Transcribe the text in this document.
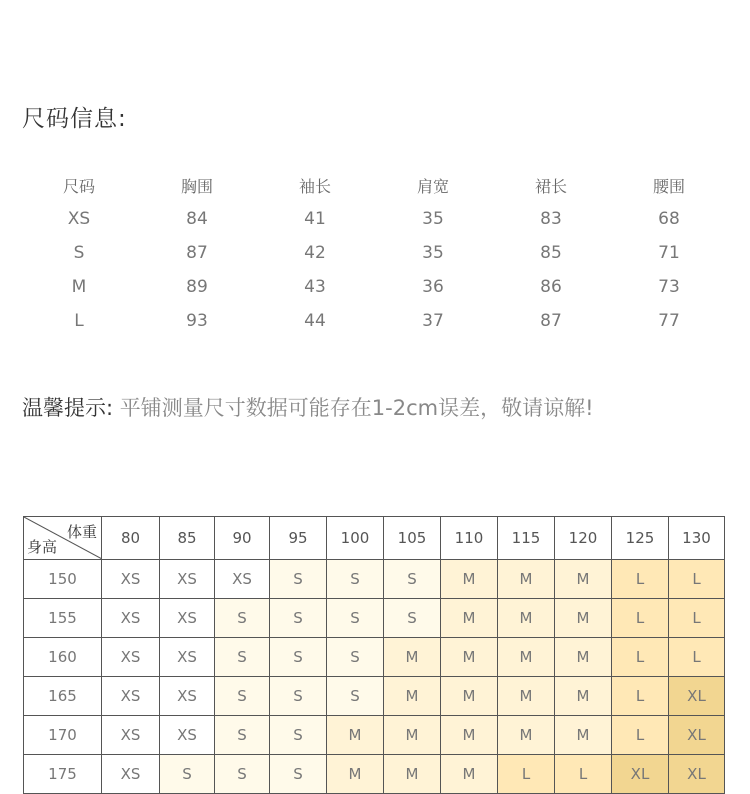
尺码信息:
尺码	胸围	袖长	肩宽	裙长	腰围
XS	84	41	35	83	68
S	87	42	35	85	71
M	89	43	36	86	73
L	93	44	37	87	77
温馨提示: 平铺测量尺寸数据可能存在1-2cm误差，敬请谅解!
体重
身高	80	85	90	95	100	105	110	115	120	125	130
150	XS	XS	XS	S	S	S	M	M	M	L	L
155	XS	XS	S	S	S	S	M	M	M	L	L
160	XS	XS	S	S	S	M	M	M	M	L	L
165	XS	XS	S	S	S	M	M	M	M	L	XL
170	XS	XS	S	S	M	M	M	M	M	L	XL
175	XS	S	S	S	M	M	M	L	L	XL	XL
